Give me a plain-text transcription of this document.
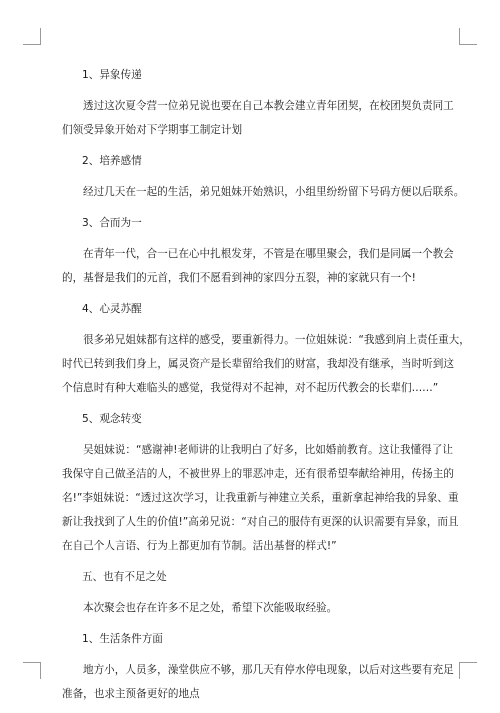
1、异象传递
透过这次夏令营一位弟兄说也要在自己本教会建立青年团契，在校团契负责同工
们领受异象开始对下学期事工制定计划
2、培养感情
经过几天在一起的生活，弟兄姐妹开始熟识，小组里纷纷留下号码方便以后联系。
3、合而为一
在青年一代，合一已在心中扎根发芽，不管是在哪里聚会，我们是同属一个教会
的，基督是我们的元首，我们不愿看到神的家四分五裂，神的家就只有一个!
4、心灵苏醒
很多弟兄姐妹都有这样的感受，要重新得力。一位姐妹说：“我感到肩上责任重大，
时代已转到我们身上，属灵资产是长辈留给我们的财富，我却没有继承，当时听到这
个信息时有种大难临头的感觉，我觉得对不起神，对不起历代教会的长辈们……”
5、观念转变
吴姐妹说：“感谢神!老师讲的让我明白了好多，比如婚前教育。这让我懂得了让
我保守自己做圣洁的人，不被世界上的罪恶冲走，还有很希望奉献给神用，传扬主的
名!”李姐妹说：“透过这次学习，让我重新与神建立关系，重新拿起神给我的异象、重
新让我找到了人生的价值!”高弟兄说：“对自己的服侍有更深的认识需要有异象，而且
在自己个人言语、行为上都更加有节制。活出基督的样式!”
五、也有不足之处
本次聚会也存在许多不足之处，希望下次能吸取经验。
1、生活条件方面
地方小，人员多，澡堂供应不够，那几天有停水停电现象，以后对这些要有充足
准备，也求主预备更好的地点
